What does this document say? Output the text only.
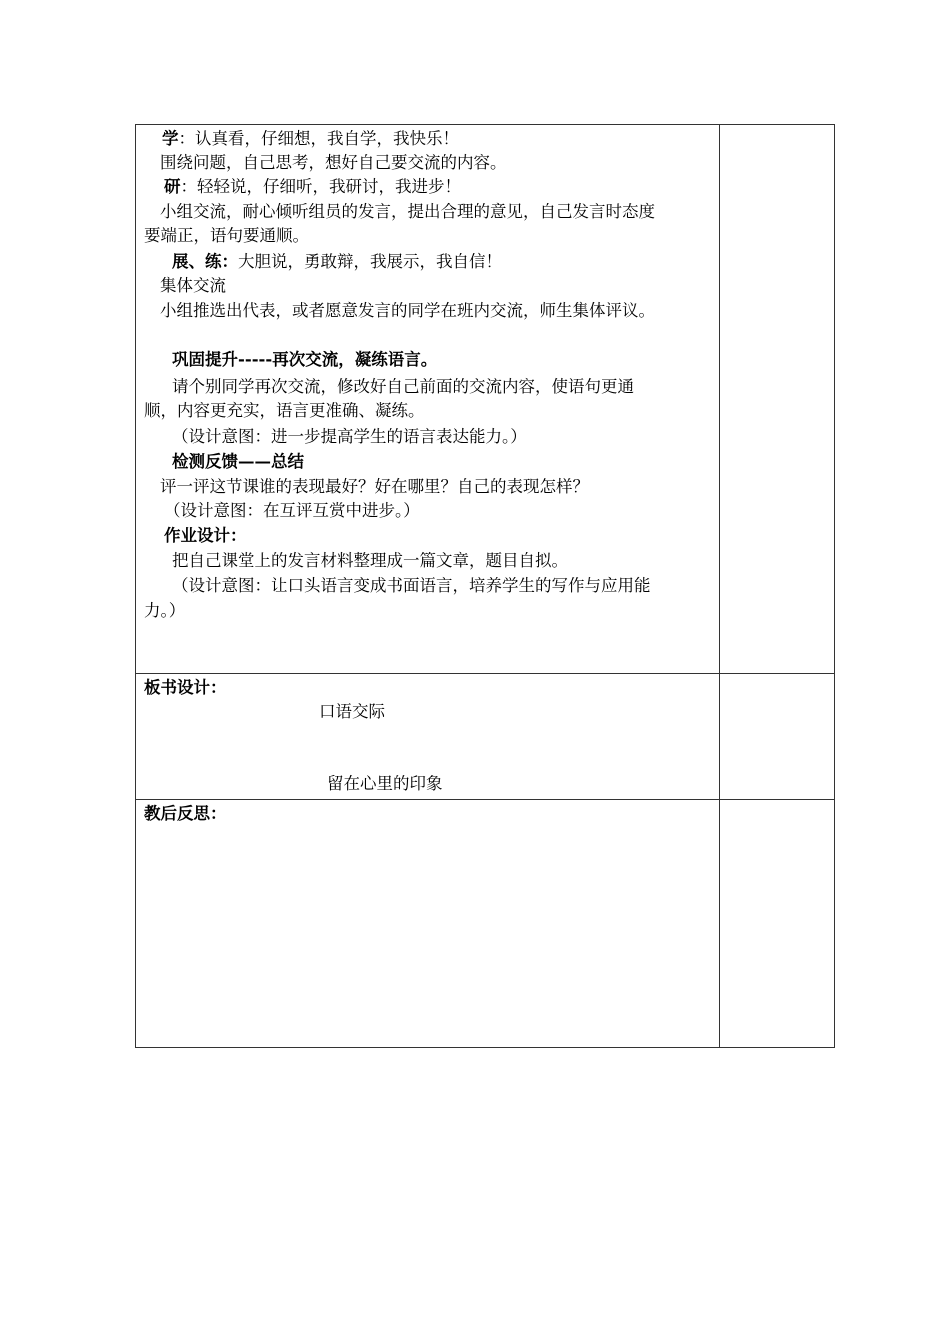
学：认真看，仔细想，我自学，我快乐！
围绕问题，自己思考，想好自己要交流的内容。
研：轻轻说，仔细听，我研讨，我进步！
小组交流，耐心倾听组员的发言，提出合理的意见，自己发言时态度
要端正，语句要通顺。
展、练：大胆说，勇敢辩，我展示，我自信！
集体交流
小组推选出代表，或者愿意发言的同学在班内交流，师生集体评议。
巩固提升-----再次交流，凝练语言。
请个别同学再次交流，修改好自己前面的交流内容，使语句更通
顺，内容更充实，语言更准确、凝练。
（设计意图：进一步提高学生的语言表达能力。）
检测反馈——总结
评一评这节课谁的表现最好？好在哪里？自己的表现怎样？
（设计意图：在互评互赏中进步。）
作业设计：
把自己课堂上的发言材料整理成一篇文章，题目自拟。
（设计意图：让口头语言变成书面语言，培养学生的写作与应用能
力。）
板书设计：
口语交际
留在心里的印象
教后反思：
